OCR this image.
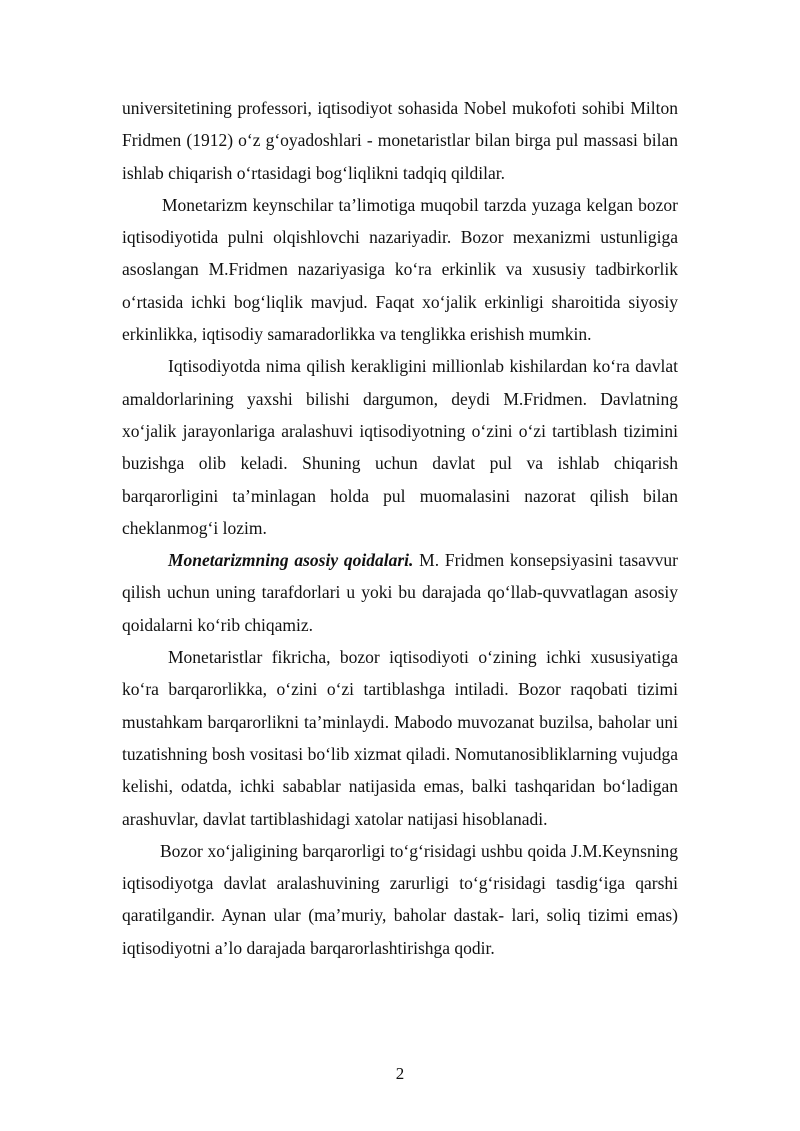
universitetining professori, iqtisodiyot sohasida Nobel mukofoti sohibi Milton Fridmen (1912) o‘z g‘oyadoshlari - monetaristlar bilan birga pul massasi bilan ishlab chiqarish o‘rtasidagi bog‘liqlikni tadqiq qildilar.

Monetarizm keynschilar ta’limotiga muqobil tarzda yuzaga kelgan bozor iqtisodiyotida pulni olqishlovchi nazariyadir. Bozor mexanizmi ustunligiga asoslangan M.Fridmen nazariyasiga ko‘ra erkinlik va xususiy tadbirkorlik o‘rtasida ichki bog‘liqlik mavjud. Faqat xo‘jalik erkinligi sharoitida siyosiy erkinlikka, iqtisodiy samaradorlikka va tenglikka erishish mumkin.

Iqtisodiyotda nima qilish kerakligini millionlab kishilardan ko‘ra davlat amaldorlarining yaxshi bilishi dargumon, deydi M.Fridmen. Davlatning xo‘jalik jarayonlariga aralashuvi iqtisodiyotning o‘zini o‘zi tartiblash tizimini buzishga olib keladi. Shuning uchun davlat pul va ishlab chiqarish barqarorligini ta’minlagan holda pul muomalasini nazorat qilish bilan cheklanmog‘i lozim.

Monetarizmning asosiy qoidalari. M. Fridmen konsepsiyasini tasavvur qilish uchun uning tarafdorlari u yoki bu darajada qo‘llab-quvvatlagan asosiy qoidalarni ko‘rib chiqamiz.

Monetaristlar fikricha, bozor iqtisodiyoti o‘zining ichki xususiyatiga ko‘ra barqarorlikka, o‘zini o‘zi tartiblashga intiladi. Bozor raqobati tizimi mustahkam barqarorlikni ta’minlaydi. Mabodo muvozanat buzilsa, baholar uni tuzatishning bosh vositasi bo‘lib xizmat qiladi. Nomutanosibliklarning vujudga kelishi, odatda, ichki sabablar natijasida emas, balki tashqaridan bo‘ladigan arashuvlar, davlat tartiblashidagi xatolar natijasi hisoblanadi.

Bozor xo‘jaligining barqarorligi to‘g‘risidagi ushbu qoida J.M.Keynsning iqtisodiyotga davlat aralashuvining zarurligi to‘g‘risidagi tasdig‘iga qarshi qaratilgandir. Aynan ular (ma’muriy, baholar dastak- lari, soliq tizimi emas) iqtisodiyotni a’lo darajada barqarorlashtirishga qodir.

2
